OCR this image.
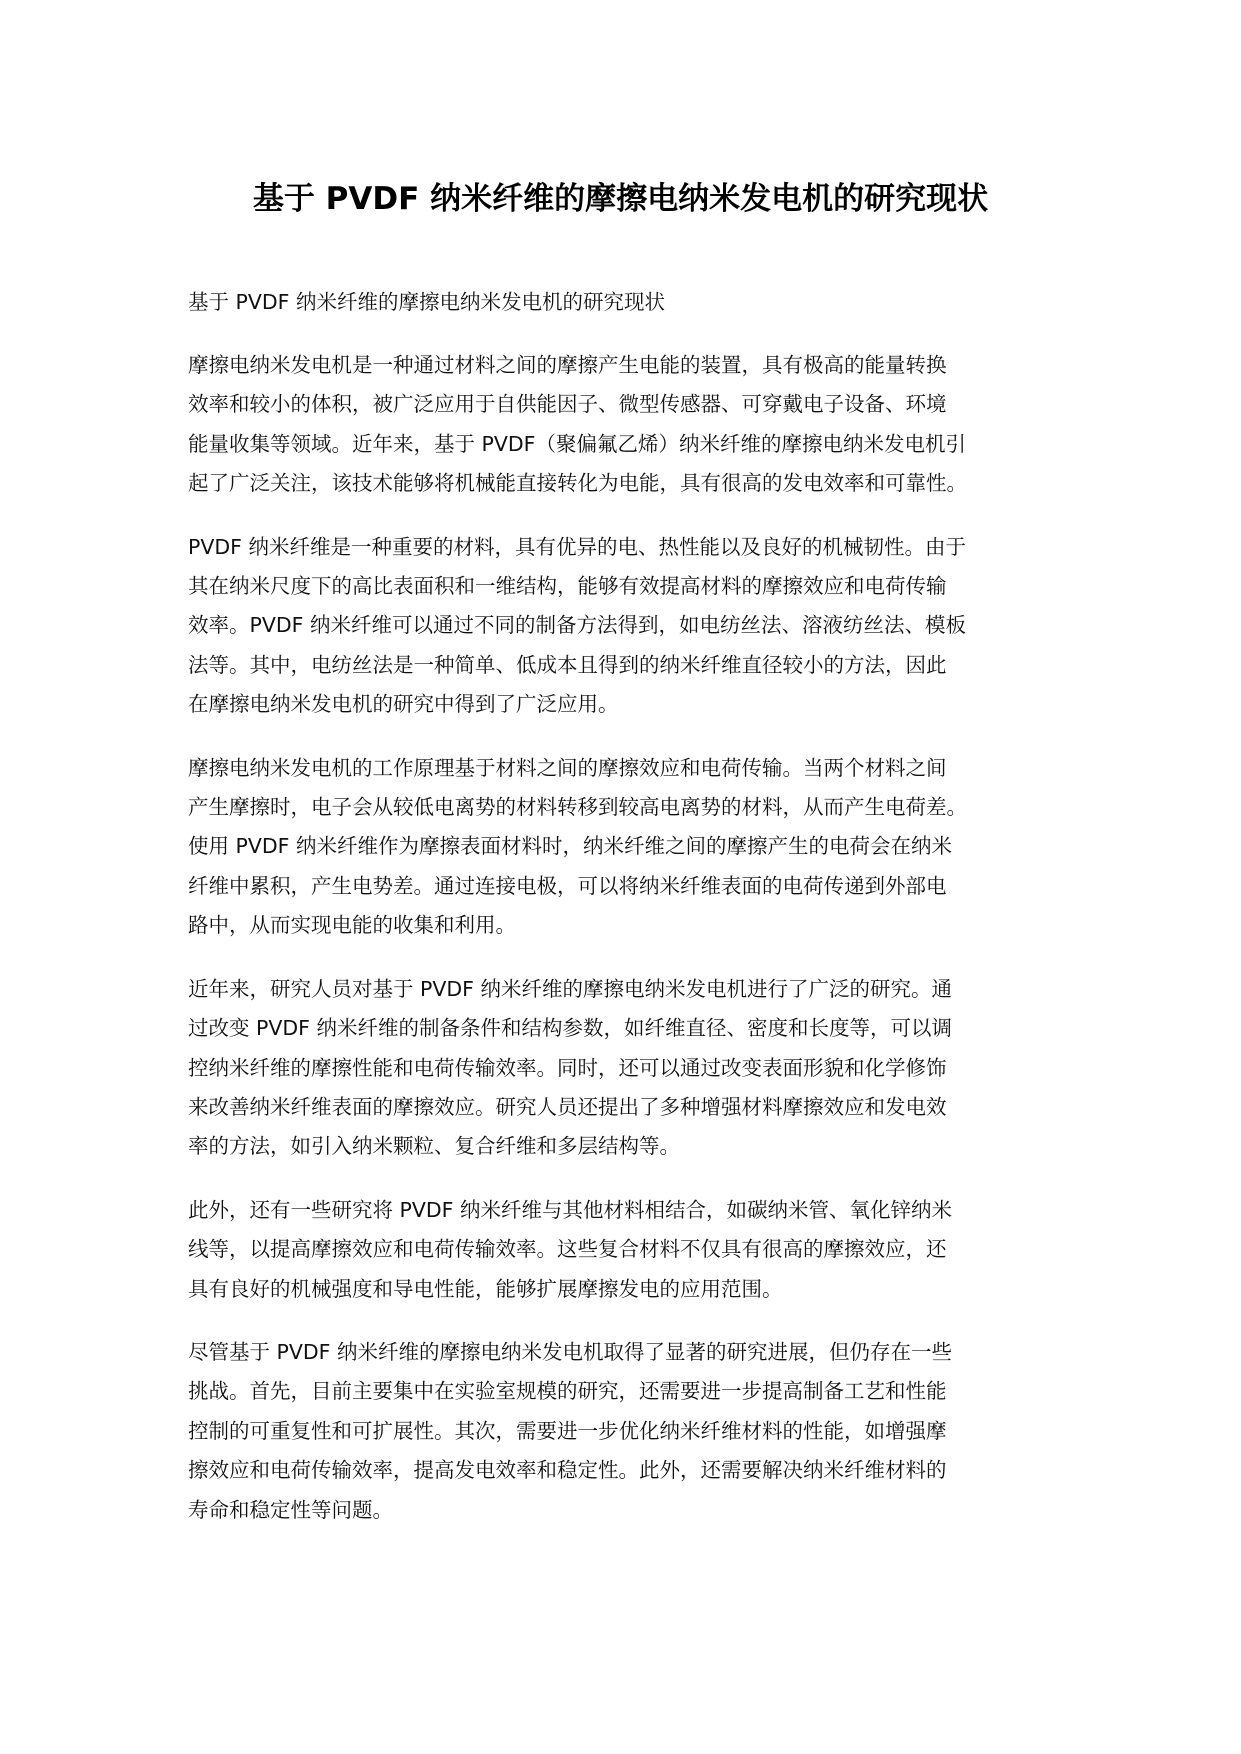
基于 PVDF 纳米纤维的摩擦电纳米发电机的研究现状

基于 PVDF 纳米纤维的摩擦电纳米发电机的研究现状

摩擦电纳米发电机是一种通过材料之间的摩擦产生电能的装置，具有极高的能量转换
效率和较小的体积，被广泛应用于自供能因子、微型传感器、可穿戴电子设备、环境
能量收集等领域。近年来，基于 PVDF（聚偏氟乙烯）纳米纤维的摩擦电纳米发电机引
起了广泛关注，该技术能够将机械能直接转化为电能，具有很高的发电效率和可靠性。

PVDF 纳米纤维是一种重要的材料，具有优异的电、热性能以及良好的机械韧性。由于
其在纳米尺度下的高比表面积和一维结构，能够有效提高材料的摩擦效应和电荷传输
效率。PVDF 纳米纤维可以通过不同的制备方法得到，如电纺丝法、溶液纺丝法、模板
法等。其中，电纺丝法是一种简单、低成本且得到的纳米纤维直径较小的方法，因此
在摩擦电纳米发电机的研究中得到了广泛应用。

摩擦电纳米发电机的工作原理基于材料之间的摩擦效应和电荷传输。当两个材料之间
产生摩擦时，电子会从较低电离势的材料转移到较高电离势的材料，从而产生电荷差。
使用 PVDF 纳米纤维作为摩擦表面材料时，纳米纤维之间的摩擦产生的电荷会在纳米
纤维中累积，产生电势差。通过连接电极，可以将纳米纤维表面的电荷传递到外部电
路中，从而实现电能的收集和利用。

近年来，研究人员对基于 PVDF 纳米纤维的摩擦电纳米发电机进行了广泛的研究。通
过改变 PVDF 纳米纤维的制备条件和结构参数，如纤维直径、密度和长度等，可以调
控纳米纤维的摩擦性能和电荷传输效率。同时，还可以通过改变表面形貌和化学修饰
来改善纳米纤维表面的摩擦效应。研究人员还提出了多种增强材料摩擦效应和发电效
率的方法，如引入纳米颗粒、复合纤维和多层结构等。

此外，还有一些研究将 PVDF 纳米纤维与其他材料相结合，如碳纳米管、氧化锌纳米
线等，以提高摩擦效应和电荷传输效率。这些复合材料不仅具有很高的摩擦效应，还
具有良好的机械强度和导电性能，能够扩展摩擦发电的应用范围。

尽管基于 PVDF 纳米纤维的摩擦电纳米发电机取得了显著的研究进展，但仍存在一些
挑战。首先，目前主要集中在实验室规模的研究，还需要进一步提高制备工艺和性能
控制的可重复性和可扩展性。其次，需要进一步优化纳米纤维材料的性能，如增强摩
擦效应和电荷传输效率，提高发电效率和稳定性。此外，还需要解决纳米纤维材料的
寿命和稳定性等问题。
